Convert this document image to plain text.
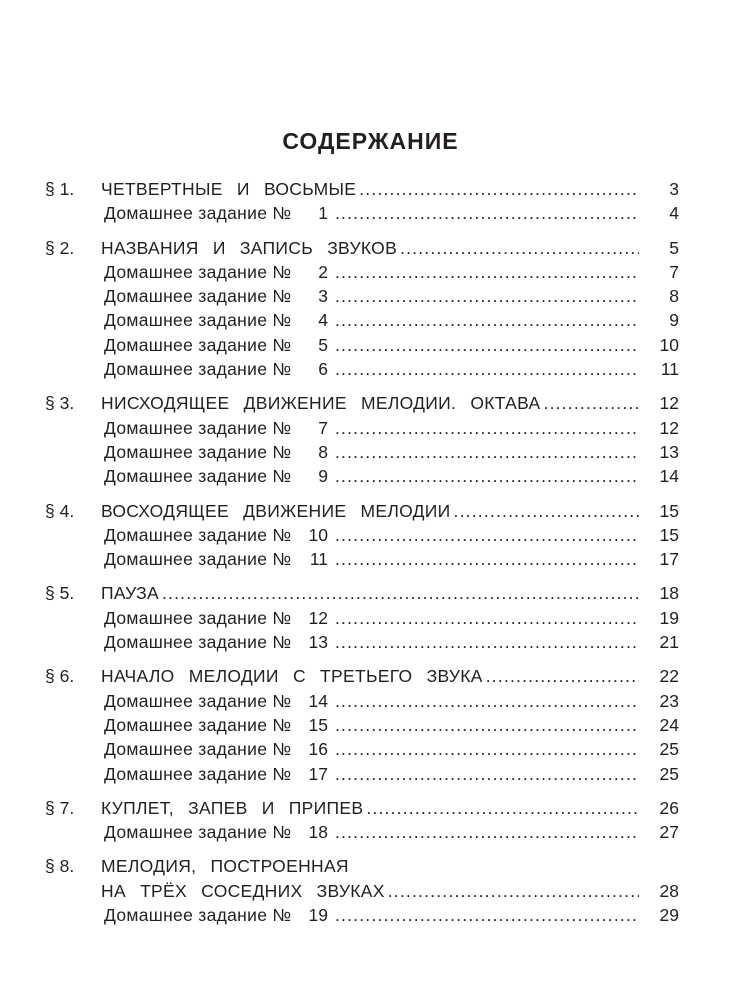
СОДЕРЖАНИЕ
§ 1. ЧЕТВЕРТНЫЕ И ВОСЬМЫЕ .....	3
Домашнее задание №	1 .....	4
§ 2. НАЗВАНИЯ И ЗАПИСЬ ЗВУКОВ .....	5
Домашнее задание №	2 .....	7
Домашнее задание №	3 .....	8
Домашнее задание №	4 .....	9
Домашнее задание №	5 .....	10
Домашнее задание №	6 .....	11
§ 3. НИСХОДЯЩЕЕ ДВИЖЕНИЕ МЕЛОДИИ. ОКТАВА .....	12
Домашнее задание №	7 .....	12
Домашнее задание №	8 .....	13
Домашнее задание №	9 .....	14
§ 4. ВОСХОДЯЩЕЕ ДВИЖЕНИЕ МЕЛОДИИ .....	15
Домашнее задание № 10 .....	15
Домашнее задание №	11 .....	17
§ 5. ПАУЗА .....	18
Домашнее задание № 12 .....	19
Домашнее задание № 13 .....	21
§ 6. НАЧАЛО МЕЛОДИИ С ТРЕТЬЕГО ЗВУКА .....	22
Домашнее задание № 14 .....	23
Домашнее задание № 15 .....	24
Домашнее задание № 16 .....	25
Домашнее задание № 17 .....	25
§ 7. КУПЛЕТ, ЗАПЕВ И ПРИПЕВ .....	26
Домашнее задание № 18 .....	27
§ 8. МЕЛОДИЯ, ПОСТРОЕННАЯ
НА ТРЁХ СОСЕДНИХ ЗВУКАХ .....	28
Домашнее задание № 19 .....	29
